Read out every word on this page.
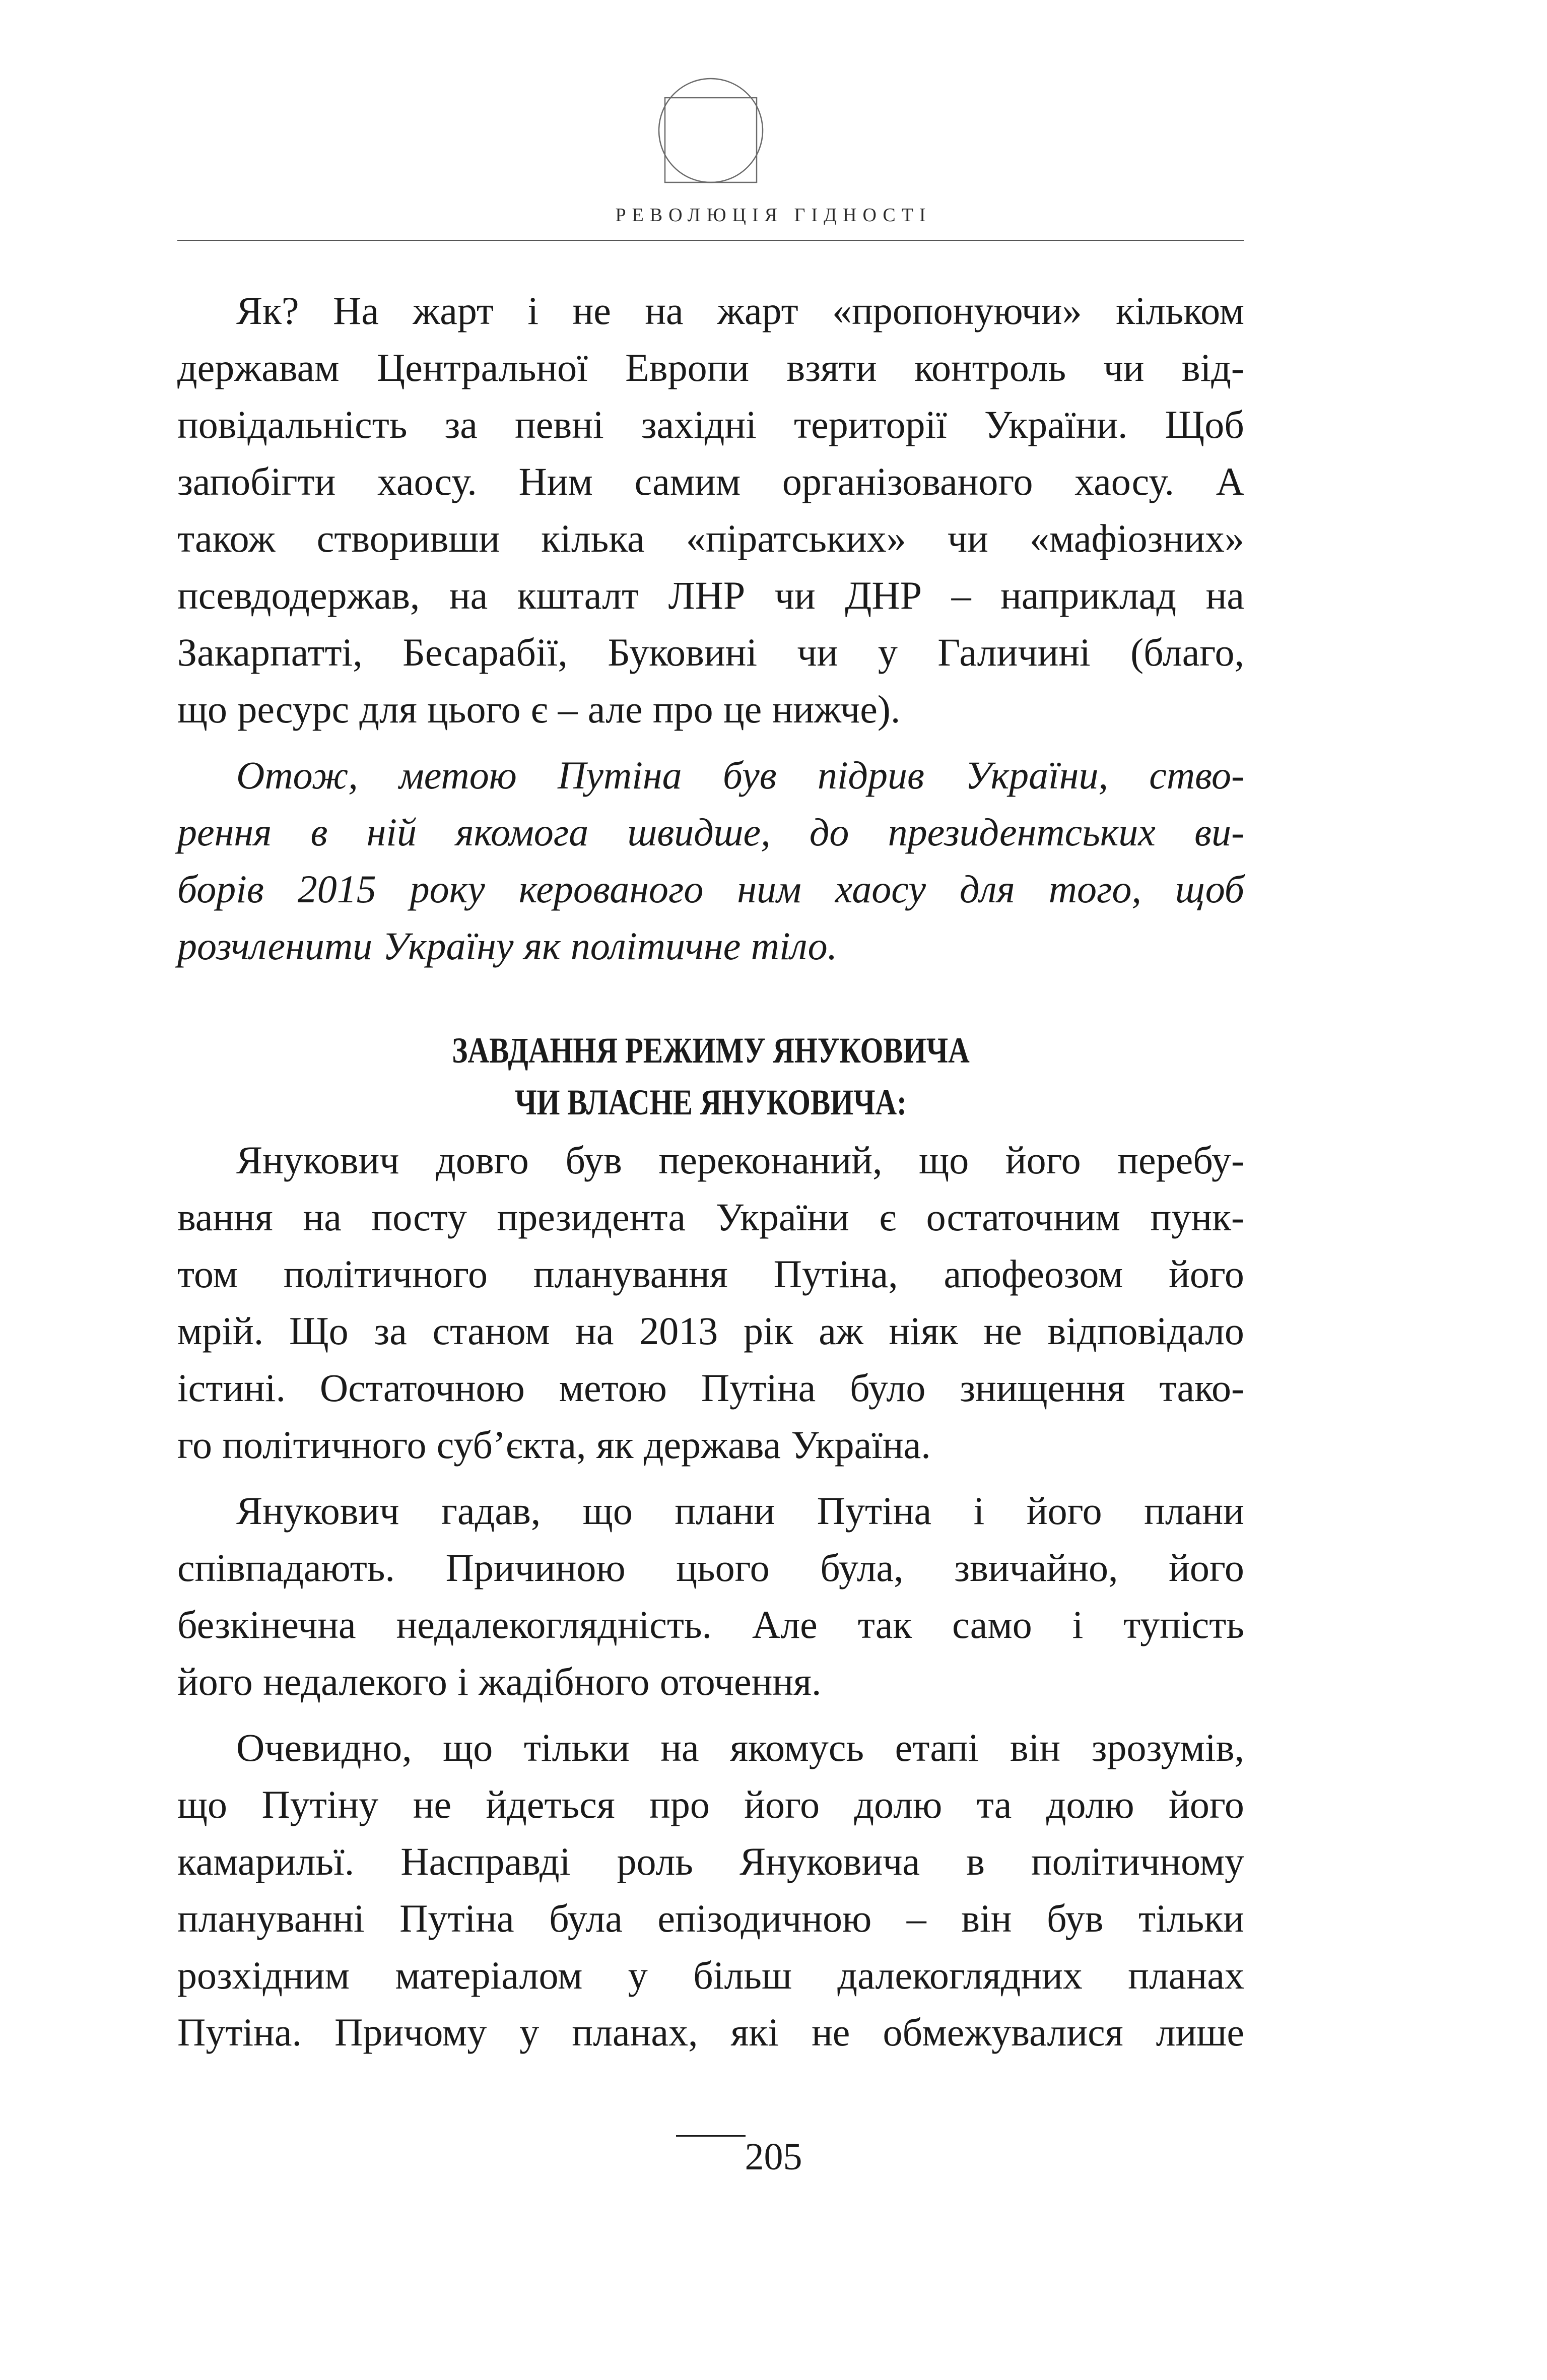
РЕВОЛЮЦІЯ ГІДНОСТІ
Як? На жарт і не на жарт «пропонуючи» кільком
державам Центральної Европи взяти контроль чи від-
повідальність за певні західні території України. Щоб
запобігти хаосу. Ним самим організованого хаосу. А
також створивши кілька «піратських» чи «мафіозних»
псевдодержав, на кшталт ЛНР чи ДНР – наприклад на
Закарпатті, Бесарабії, Буковині чи у Галичині (благо,
що ресурс для цього є – але про це нижче).
Отож, метою Путіна був підрив України, ство-
рення в ній якомога швидше, до президентських ви-
борів 2015 року керованого ним хаосу для того, щоб
розчленити Україну як політичне тіло.
ЗАВДАННЯ РЕЖИМУ ЯНУКОВИЧА
ЧИ ВЛАСНЕ ЯНУКОВИЧА:
Янукович довго був переконаний, що його перебу-
вання на посту президента України є остаточним пунк-
том політичного планування Путіна, апофеозом його
мрій. Що за станом на 2013 рік аж ніяк не відповідало
істині. Остаточною метою Путіна було знищення тако-
го політичного суб’єкта, як держава Україна.
Янукович гадав, що плани Путіна і його плани
співпадають. Причиною цього була, звичайно, його
безкінечна недалекоглядність. Але так само і тупість
його недалекого і жадібного оточення.
Очевидно, що тільки на якомусь етапі він зрозумів,
що Путіну не йдеться про його долю та долю його
камарильї. Насправді роль Януковича в політичному
плануванні Путіна була епізодичною – він був тільки
розхідним матеріалом у більш далекоглядних планах
Путіна. Причому у планах, які не обмежувалися лише
205
